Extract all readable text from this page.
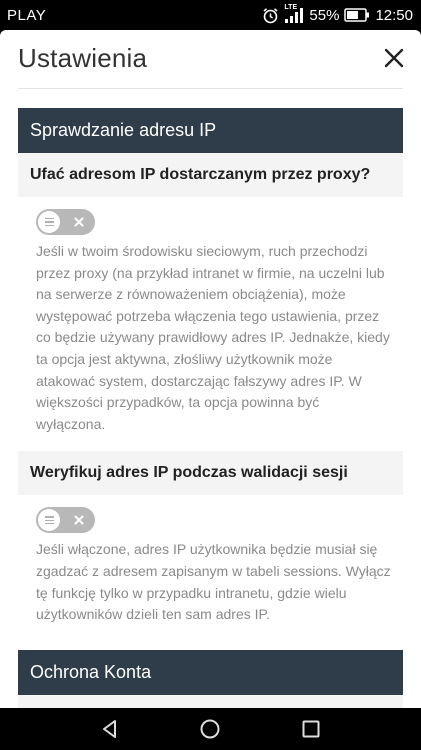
PLAY	LTE 55% 12:50
Ustawienia
Sprawdzanie adresu IP
Ufać adresom IP dostarczanym przez proxy?

Jeśli w twoim środowisku sieciowym, ruch przechodzi przez proxy (na przykład intranet w firmie, na uczelni lub na serwerze z równoważeniem obciążenia), może występować potrzeba włączenia tego ustawienia, przez co będzie używany prawidłowy adres IP. Jednakże, kiedy ta opcja jest aktywna, złośliwy użytkownik może atakować system, dostarczając fałszywy adres IP. W większości przypadków, ta opcja powinna być wyłączona.

Weryfikuj adres IP podczas walidacji sesji

Jeśli włączone, adres IP użytkownika będzie musiał się zgadzać z adresem zapisanym w tabeli sessions. Wyłącz tę funkcję tylko w przypadku intranetu, gdzie wielu użytkowników dzieli ten sam adres IP.

Ochrona Konta
